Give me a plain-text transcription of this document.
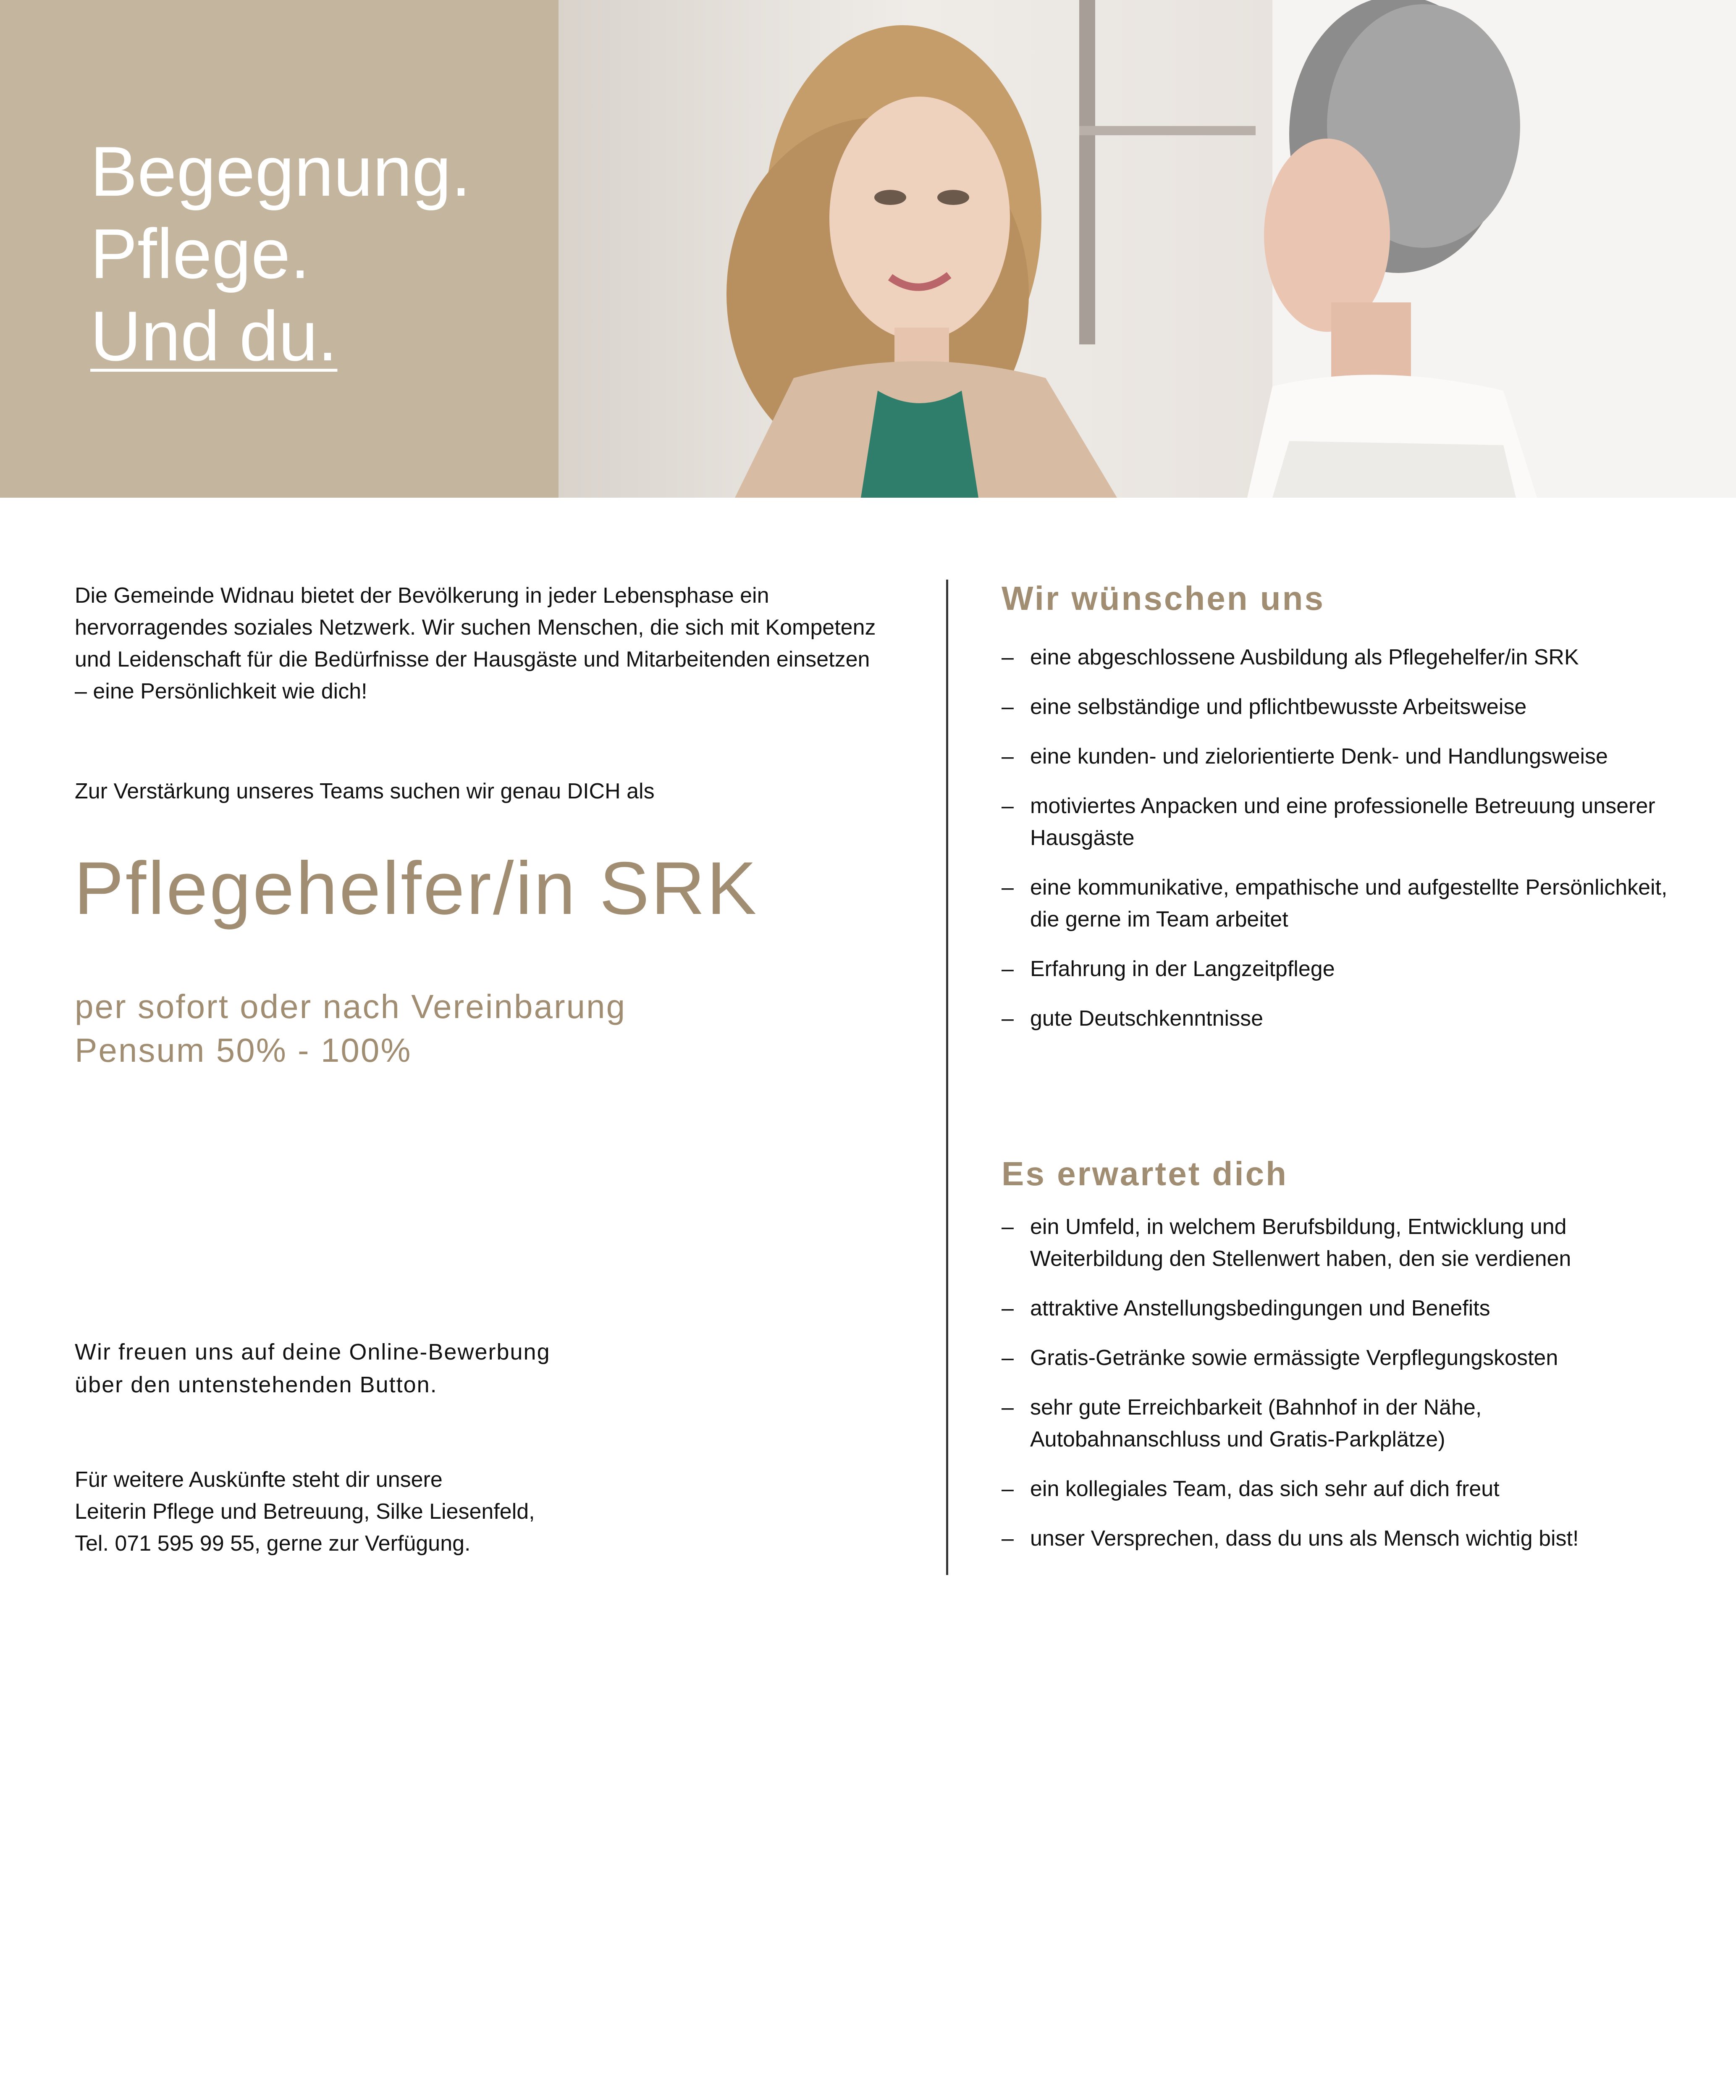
Begegnung.
Pflege.
Und du.

Die Gemeinde Widnau bietet der Bevölkerung in jeder Lebensphase ein hervorragendes soziales Netzwerk. Wir suchen Menschen, die sich mit Kompetenz und Leidenschaft für die Bedürfnisse der Hausgäste und Mitarbeitenden einsetzen – eine Persönlichkeit wie dich!

Zur Verstärkung unseres Teams suchen wir genau DICH als
Pflegehelfer/in SRK
per sofort oder nach Vereinbarung
Pensum 50% - 100%
Wir freuen uns auf deine Online-Bewerbung
über den untenstehenden Button.
Für weitere Auskünfte steht dir unsere
Leiterin Pflege und Betreuung, Silke Liesenfeld,
Tel. 071 595 99 55, gerne zur Verfügung.
Wir wünschen uns
– eine abgeschlossene Ausbildung als Pflegehelfer/in SRK
– eine selbständige und pflichtbewusste Arbeitsweise
– eine kunden- und zielorientierte Denk- und Handlungsweise
– motiviertes Anpacken und eine professionelle Betreuung unserer Hausgäste
– eine kommunikative, empathische und aufgestellte Persönlichkeit, die gerne im Team arbeitet
– Erfahrung in der Langzeitpflege
– gute Deutschkenntnisse
Es erwartet dich
– ein Umfeld, in welchem Berufsbildung, Entwicklung und Weiterbildung den Stellenwert haben, den sie verdienen
– attraktive Anstellungsbedingungen und Benefits
– Gratis-Getränke sowie ermässigte Verpflegungskosten
– sehr gute Erreichbarkeit (Bahnhof in der Nähe, Autobahnanschluss und Gratis-Parkplätze)
– ein kollegiales Team, das sich sehr auf dich freut
– unser Versprechen, dass du uns als Mensch wichtig bist!
